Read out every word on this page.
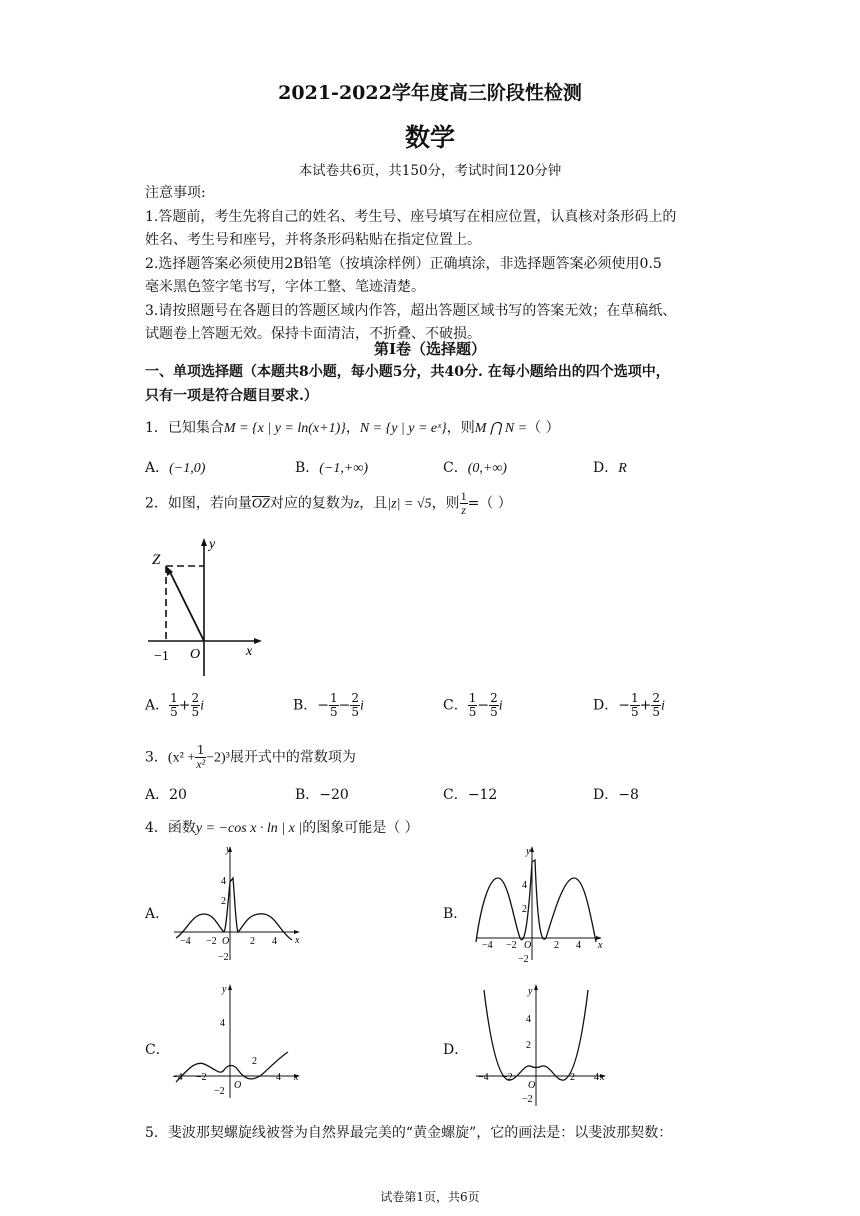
2021-2022学年度高三阶段性检测
数学
本试卷共6页，共150分，考试时间120分钟
注意事项:
1.答题前，考生先将自己的姓名、考生号、座号填写在相应位置，认真核对条形码上的
姓名、考生号和座号，并将条形码粘贴在指定位置上。
2.选择题答案必须使用2B铅笔（按填涂样例）正确填涂，非选择题答案必须使用0.5
毫米黑色签字笔书写，字体工整、笔迹清楚。
3.请按照题号在各题目的答题区域内作答，超出答题区域书写的答案无效；在草稿纸、
试题卷上答题无效。保持卡面清洁，不折叠、不破损。
第Ⅰ卷（选择题）
一、单项选择题（本题共8小题，每小题5分，共40分. 在每小题给出的四个选项中，
只有一项是符合题目要求.）
1．已知集合M = {x | y = ln(x+1)}，N = {y | y = eˣ}，则M ⋂ N =（ ）
A．(−1,0)	B．(−1,+∞)	C．(0,+∞)	D．R
2．如图，若向量$\overline{OZ}$对应的复数为z，且|z| = √5，则 $\frac{1}{z}$ =（ ）
Z
y
x
O
−1
A． $\frac{1}{5} + \frac{2}{5}$ i	B．− $\frac{1}{5} - \frac{2}{5}$ i	C． $\frac{1}{5} - \frac{2}{5}$ i	D．− $\frac{1}{5} + \frac{2}{5}$ i
3．$(x^2 + \frac{1}{\text{x²}} -2)^3$展开式中的常数项为
A．20	B．−20	C．−12	D．−8
4．函数y = −cos x · ln | x |的图象可能是（ ）
A．	B．
C．	D．
y
x
O
4
2
−2
−4 −2	2 4
y
x
O
4
2
−2
−4 −2	2 4
y
x
O
4
2
−2
−4 −2	4
y
x
O
4
2
−2
−4 −2	2 4
5．斐波那契螺旋线被誉为自然界最完美的“黄金螺旋”，它的画法是：以斐波那契数：
试卷第1页，共6页
